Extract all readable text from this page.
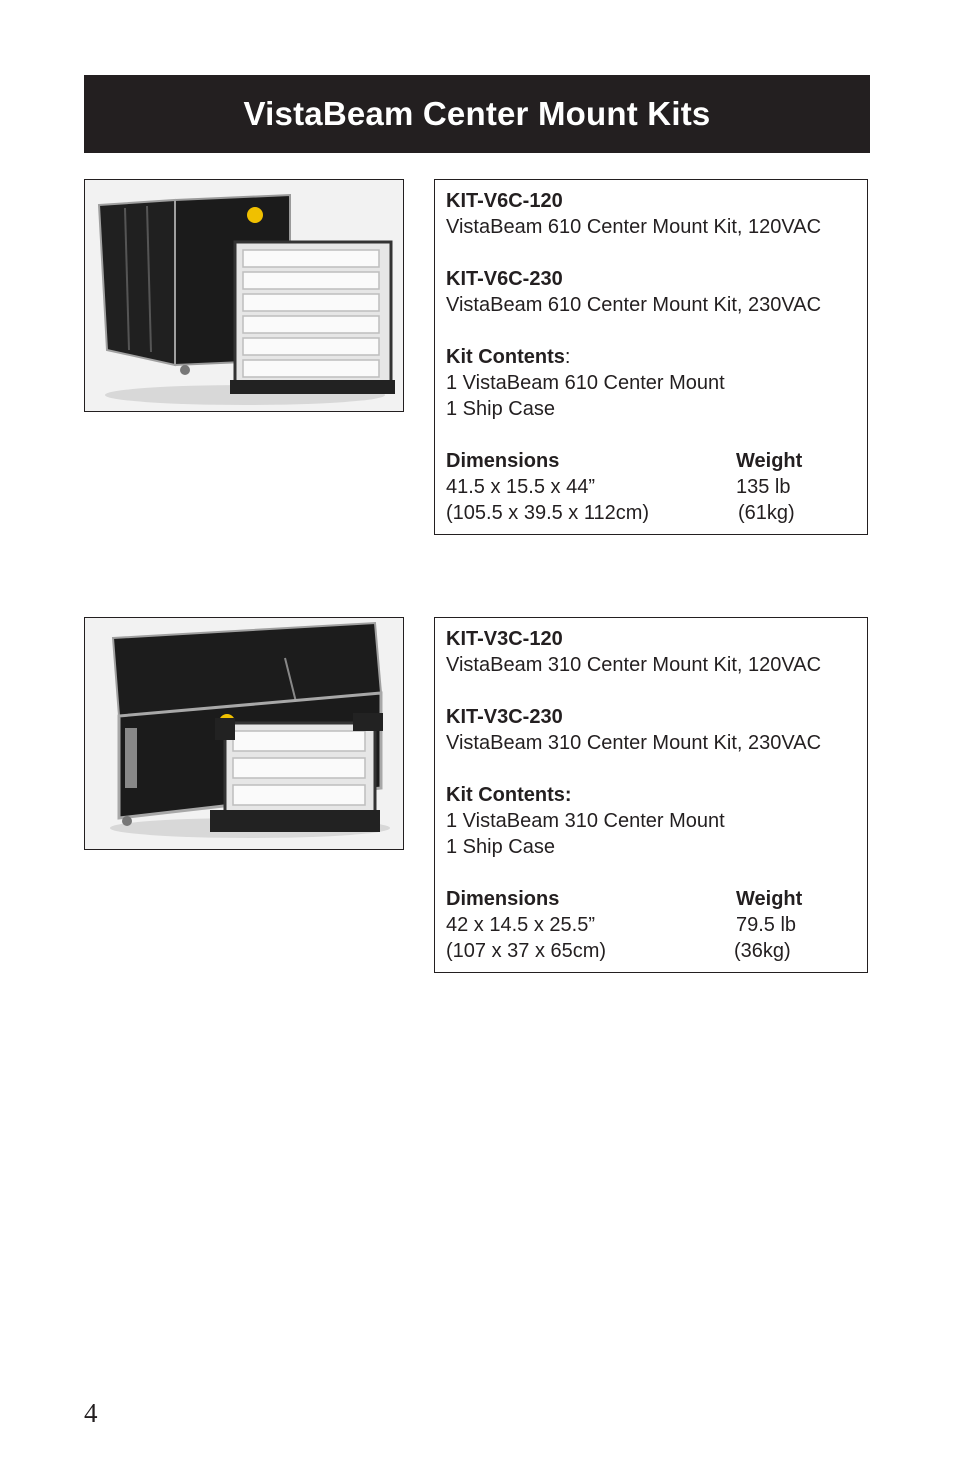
VistaBeam Center Mount Kits

KIT-V6C-120

VistaBeam 610 Center Mount Kit, 120VAC

KIT-V6C-230

VistaBeam 610 Center Mount Kit, 230VAC

Kit Contents:

1 VistaBeam 610 Center Mount

1 Ship Case

Dimensions	Weight
41.5 x 15.5 x 44”	135 lb
(105.5 x 39.5 x 112cm)	(61kg)

KIT-V3C-120

VistaBeam 310 Center Mount Kit, 120VAC

KIT-V3C-230

VistaBeam 310 Center Mount Kit, 230VAC

Kit Contents:

1 VistaBeam 310 Center Mount

1 Ship Case

Dimensions	Weight
42 x 14.5 x 25.5”	79.5 lb
(107 x 37 x 65cm)	(36kg)
4
